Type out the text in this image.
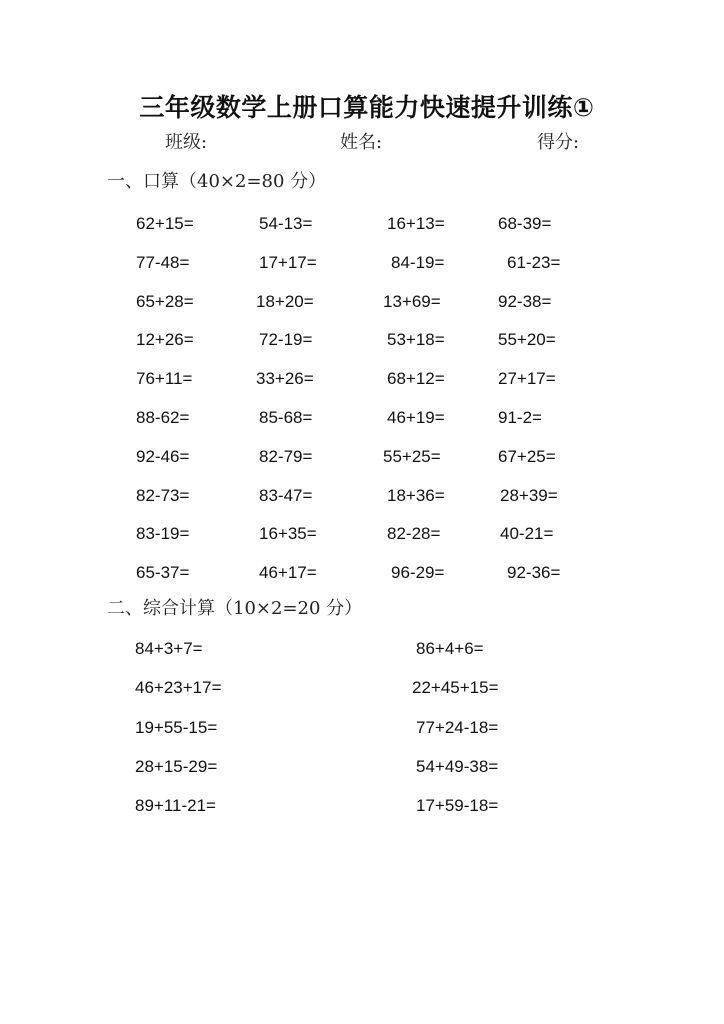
三年级数学上册口算能力快速提升训练①
班级:	姓名:	得分:
一、口算（40×2=80 分）
二、综合计算（10×2=20 分）
62+15=	54-13=	16+13=	68-39=
77-48=	17+17=	84-19=	61-23=
65+28=	18+20=	13+69=	92-38=
12+26=	72-19=	53+18=	55+20=
76+11=	33+26=	68+12=	27+17=
88-62=	85-68=	46+19=	91-2=
92-46=	82-79=	55+25=	67+25=
82-73=	83-47=	18+36=	28+39=
83-19=	16+35=	82-28=	40-21=
65-37=	46+17=	96-29=	92-36=
84+3+7=	86+4+6=
46+23+17=	22+45+15=
19+55-15=	77+24-18=
28+15-29=	54+49-38=
89+11-21=	17+59-18=
